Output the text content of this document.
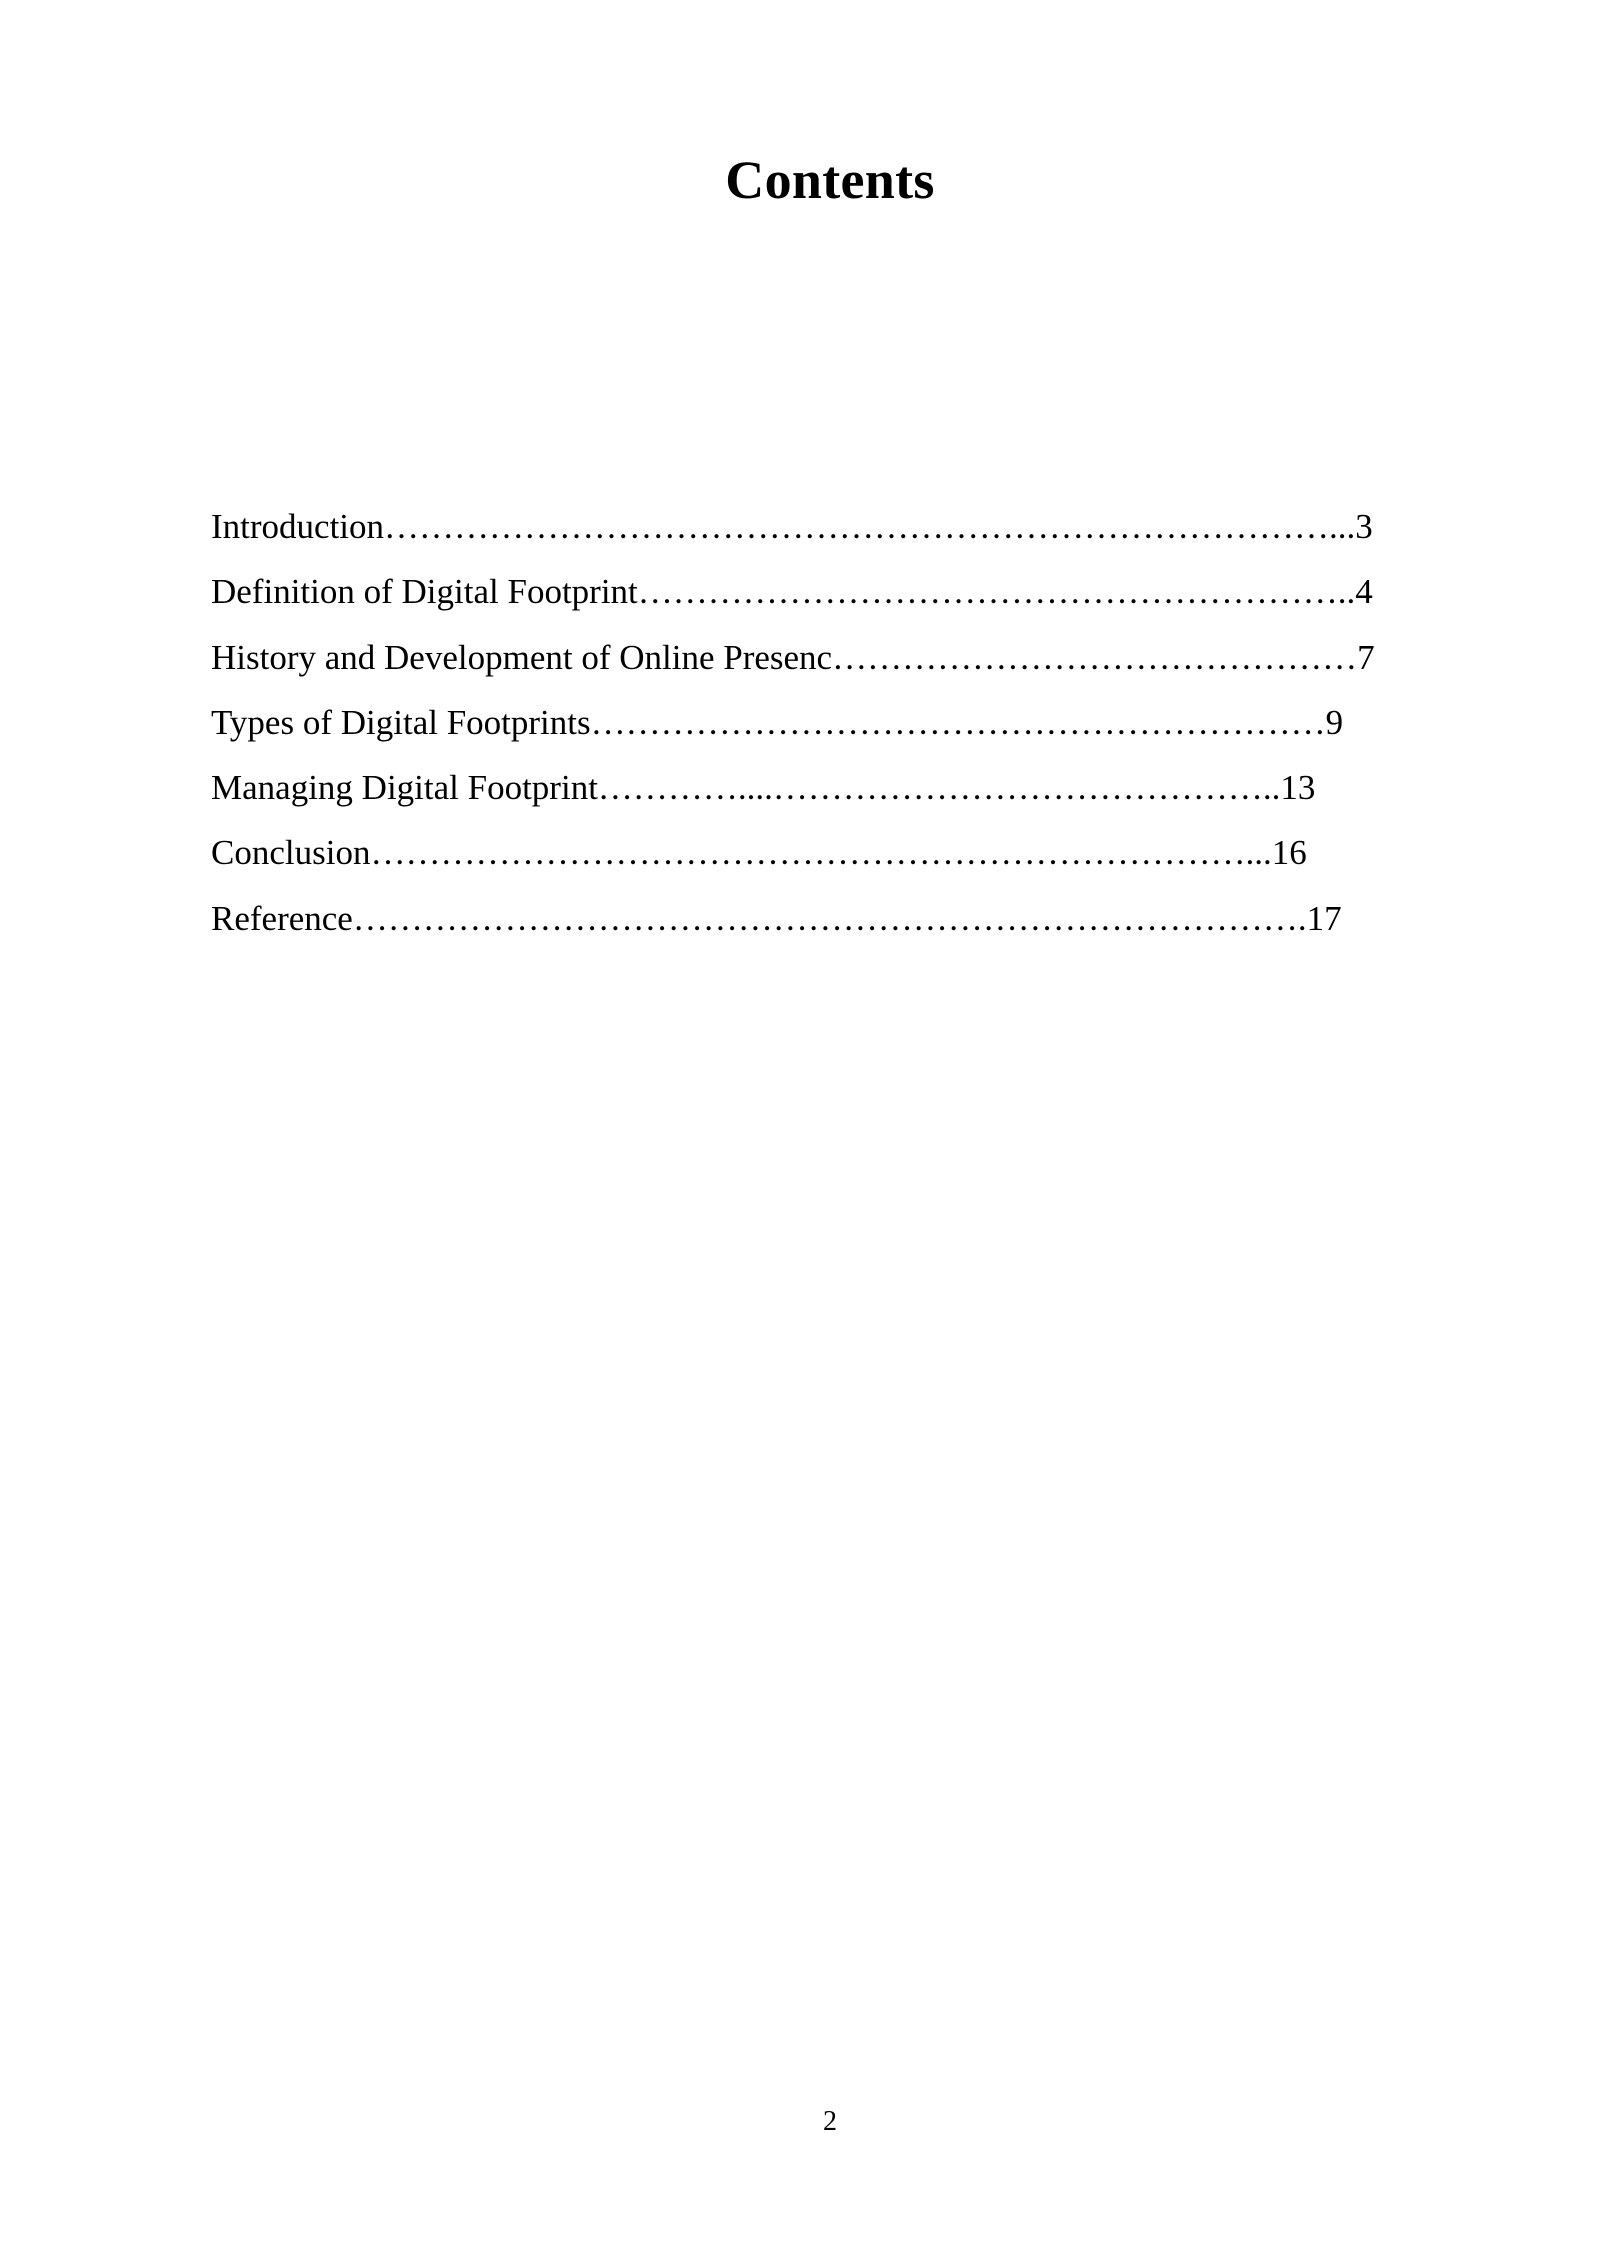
Contents
Introduction………………………………………………………………………...3
Definition of Digital Footprint……………………………………………………..4
History and Development of Online Presenc………………………………………7
Types of Digital Footprints………………………………………………………9
Managing Digital Footprint…………....……………………………………..13
Conclusion…………………………………………………………………...16
Reference……………………………………………………………………….17
2
